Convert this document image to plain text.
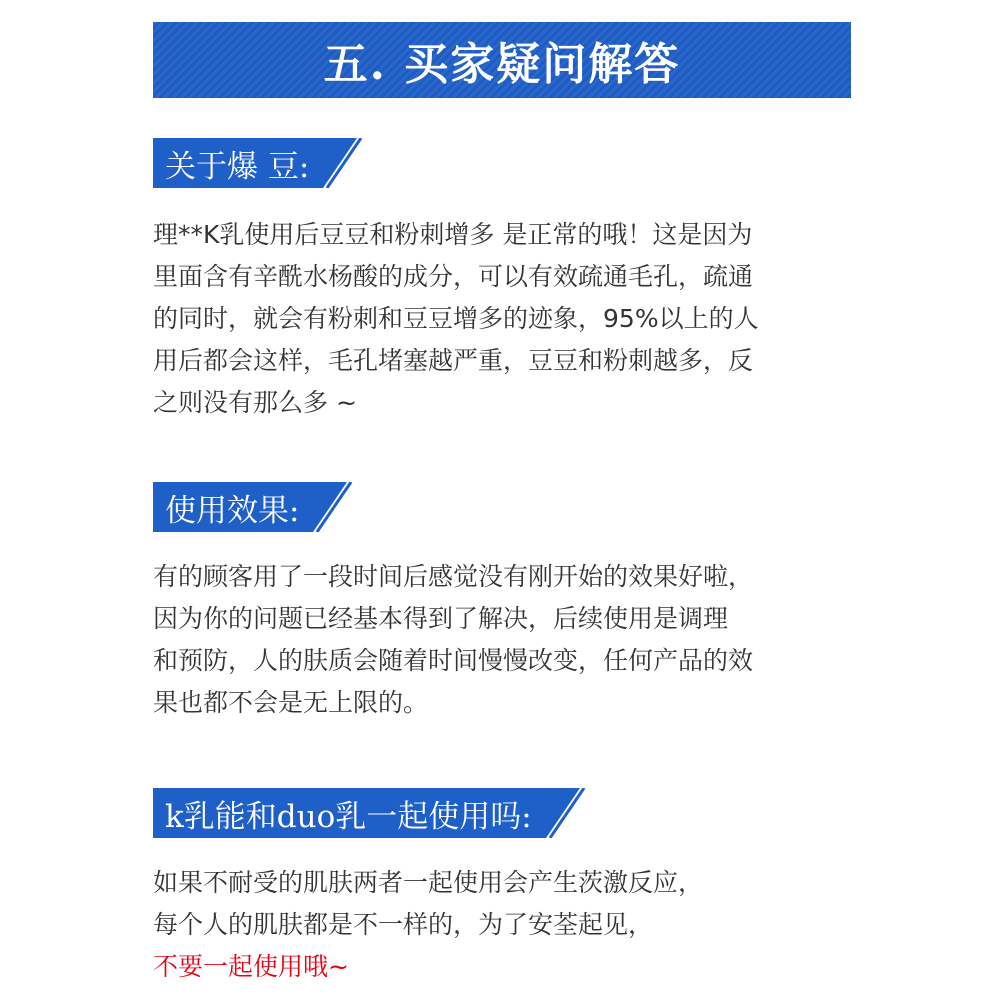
五. 买家疑问解答
关于爆 豆:
理**K乳使用后豆豆和粉刺增多 是正常的哦！这是因为
里面含有辛酰水杨酸的成分，可以有效疏通毛孔，疏通
的同时，就会有粉刺和豆豆增多的迹象，95%以上的人
用后都会这样，毛孔堵塞越严重，豆豆和粉刺越多，反
之则没有那么多 ~
使用效果:
有的顾客用了一段时间后感觉没有刚开始的效果好啦，
因为你的问题已经基本得到了解决，后续使用是调理
和预防，人的肤质会随着时间慢慢改变，任何产品的效
果也都不会是无上限的。
k乳能和duo乳一起使用吗:
如果不耐受的肌肤两者一起使用会产生茨激反应，
每个人的肌肤都是不一样的，为了安荃起见，
不要一起使用哦~
